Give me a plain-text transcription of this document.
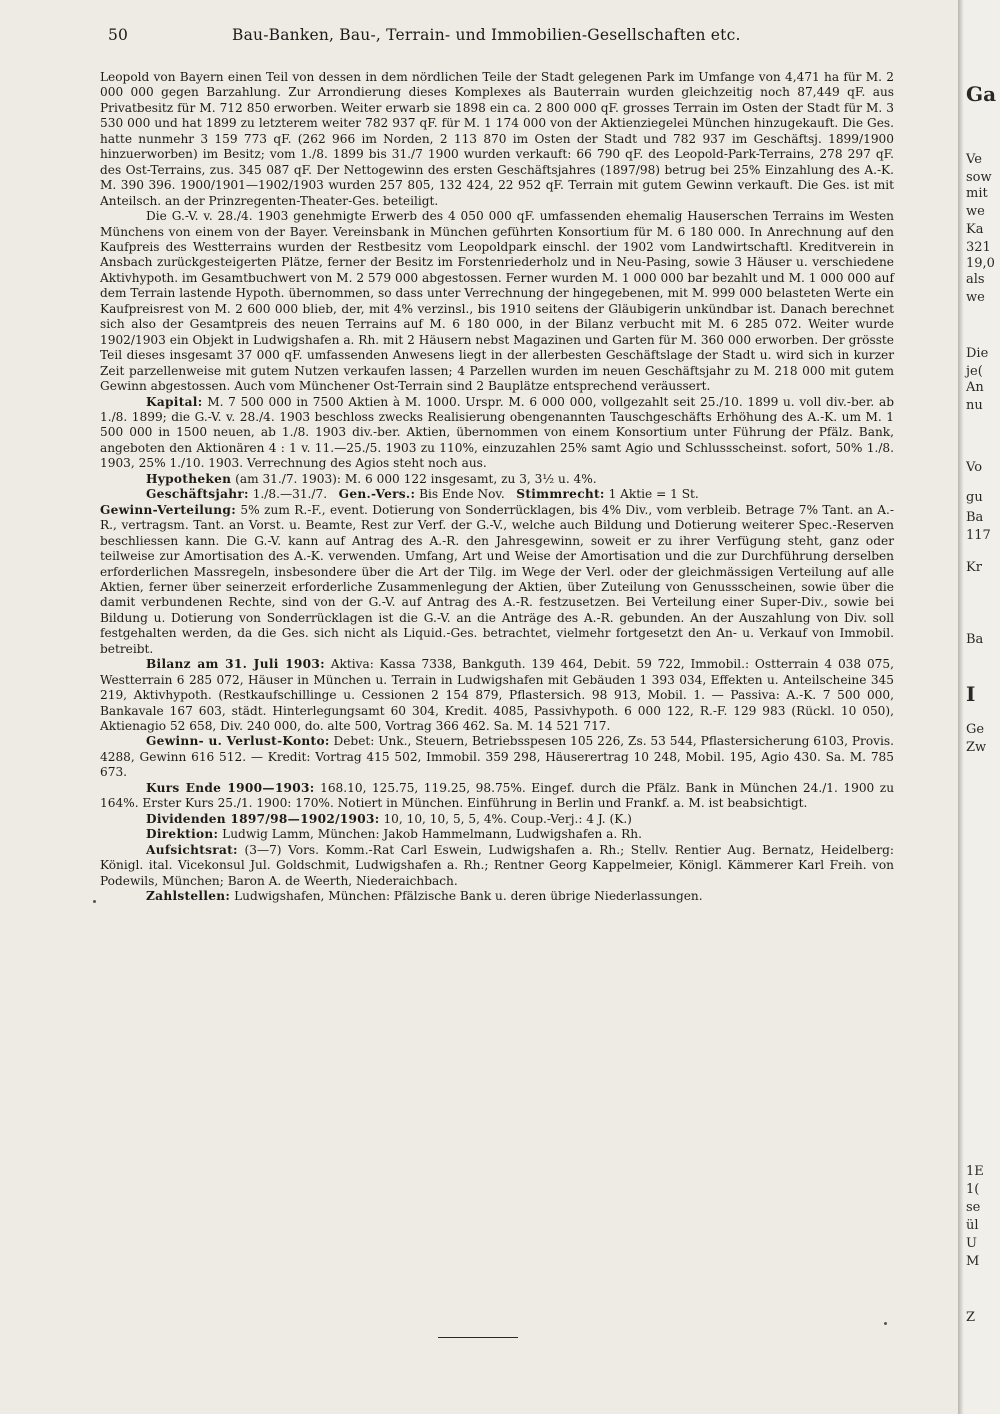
50	Bau-Banken, Bau-, Terrain- und Immobilien-Gesellschaften etc.

Leopold von Bayern einen Teil von dessen in dem nördlichen Teile der Stadt gelegenen Park im Umfange von 4,471 ha für M. 2 000 000 gegen Barzahlung. Zur Arrondierung dieses Komplexes als Bauterrain wurden gleichzeitig noch 87,449 qF. aus Privatbesitz für M. 712 850 erworben. Weiter erwarb sie 1898 ein ca. 2 800 000 qF. grosses Terrain im Osten der Stadt für M. 3 530 000 und hat 1899 zu letzterem weiter 782 937 qF. für M. 1 174 000 von der Aktienziegelei München hinzugekauft. Die Ges. hatte nunmehr 3 159 773 qF. (262 966 im Norden, 2 113 870 im Osten der Stadt und 782 937 im Geschäftsj. 1899/1900 hinzuerworben) im Besitz; vom 1./8. 1899 bis 31./7 1900 wurden verkauft: 66 790 qF. des Leopold-Park-Terrains, 278 297 qF. des Ost-Terrains, zus. 345 087 qF. Der Nettogewinn des ersten Geschäftsjahres (1897/98) betrug bei 25% Einzahlung des A.-K. M. 390 396. 1900/1901—1902/1903 wurden 257 805, 132 424, 22 952 qF. Terrain mit gutem Gewinn verkauft. Die Ges. ist mit Anteilsch. an der Prinzregenten-Theater-Ges. beteiligt.

Die G.-V. v. 28./4. 1903 genehmigte Erwerb des 4 050 000 qF. umfassenden ehemalig Hauserschen Terrains im Westen Münchens von einem von der Bayer. Vereinsbank in München geführten Konsortium für M. 6 180 000. In Anrechnung auf den Kaufpreis des Westterrains wurden der Restbesitz vom Leopoldpark einschl. der 1902 vom Landwirtschaftl. Kreditverein in Ansbach zurückgesteigerten Plätze, ferner der Besitz im Forstenriederholz und in Neu-Pasing, sowie 3 Häuser u. verschiedene Aktivhypoth. im Gesamtbuchwert von M. 2 579 000 abgestossen. Ferner wurden M. 1 000 000 bar bezahlt und M. 1 000 000 auf dem Terrain lastende Hypoth. übernommen, so dass unter Verrechnung der hingegebenen, mit M. 999 000 belasteten Werte ein Kaufpreisrest von M. 2 600 000 blieb, der, mit 4% verzinsl., bis 1910 seitens der Gläubigerin unkündbar ist. Danach berechnet sich also der Gesamtpreis des neuen Terrains auf M. 6 180 000, in der Bilanz verbucht mit M. 6 285 072. Weiter wurde 1902/1903 ein Objekt in Ludwigshafen a. Rh. mit 2 Häusern nebst Magazinen und Garten für M. 360 000 erworben. Der grösste Teil dieses insgesamt 37 000 qF. umfassenden Anwesens liegt in der allerbesten Geschäftslage der Stadt u. wird sich in kurzer Zeit parzellenweise mit gutem Nutzen verkaufen lassen; 4 Parzellen wurden im neuen Geschäftsjahr zu M. 218 000 mit gutem Gewinn abgestossen. Auch vom Münchener Ost-Terrain sind 2 Bauplätze entsprechend veräussert.

Kapital: M. 7 500 000 in 7500 Aktien à M. 1000. Urspr. M. 6 000 000, vollgezahlt seit 25./10. 1899 u. voll div.-ber. ab 1./8. 1899; die G.-V. v. 28./4. 1903 beschloss zwecks Realisierung obengenannten Tauschgeschäfts Erhöhung des A.-K. um M. 1 500 000 in 1500 neuen, ab 1./8. 1903 div.-ber. Aktien, übernommen von einem Konsortium unter Führung der Pfälz. Bank, angeboten den Aktionären 4 : 1 v. 11.—25./5. 1903 zu 110%, einzuzahlen 25% samt Agio und Schlussscheinst. sofort, 50% 1./8. 1903, 25% 1./10. 1903. Verrechnung des Agios steht noch aus.

Hypotheken (am 31./7. 1903): M. 6 000 122 insgesamt, zu 3, 3½ u. 4%.

Geschäftsjahr: 1./8.—31./7. Gen.-Vers.: Bis Ende Nov. Stimmrecht: 1 Aktie = 1 St.

Gewinn-Verteilung: 5% zum R.-F., event. Dotierung von Sonderrücklagen, bis 4% Div., vom verbleib. Betrage 7% Tant. an A.-R., vertragsm. Tant. an Vorst. u. Beamte, Rest zur Verf. der G.-V., welche auch Bildung und Dotierung weiterer Spec.-Reserven beschliessen kann. Die G.-V. kann auf Antrag des A.-R. den Jahresgewinn, soweit er zu ihrer Verfügung steht, ganz oder teilweise zur Amortisation des A.-K. verwenden. Umfang, Art und Weise der Amortisation und die zur Durchführung derselben erforderlichen Massregeln, insbesondere über die Art der Tilg. im Wege der Verl. oder der gleichmässigen Verteilung auf alle Aktien, ferner über seinerzeit erforderliche Zusammenlegung der Aktien, über Zuteilung von Genussscheinen, sowie über die damit verbundenen Rechte, sind von der G.-V. auf Antrag des A.-R. festzusetzen. Bei Verteilung einer Super-Div., sowie bei Bildung u. Dotierung von Sonderrücklagen ist die G.-V. an die Anträge des A.-R. gebunden. An der Auszahlung von Div. soll festgehalten werden, da die Ges. sich nicht als Liquid.-Ges. betrachtet, vielmehr fortgesetzt den An- u. Verkauf von Immobil. betreibt.

Bilanz am 31. Juli 1903: Aktiva: Kassa 7338, Bankguth. 139 464, Debit. 59 722, Immobil.: Ostterrain 4 038 075, Westterrain 6 285 072, Häuser in München u. Terrain in Ludwigshafen mit Gebäuden 1 393 034, Effekten u. Anteilscheine 345 219, Aktivhypoth. (Restkaufschillinge u. Cessionen 2 154 879, Pflastersich. 98 913, Mobil. 1. — Passiva: A.-K. 7 500 000, Bankavale 167 603, städt. Hinterlegungsamt 60 304, Kredit. 4085, Passivhypoth. 6 000 122, R.-F. 129 983 (Rückl. 10 050), Aktienagio 52 658, Div. 240 000, do. alte 500, Vortrag 366 462. Sa. M. 14 521 717.

Gewinn- u. Verlust-Konto: Debet: Unk., Steuern, Betriebsspesen 105 226, Zs. 53 544, Pflastersicherung 6103, Provis. 4288, Gewinn 616 512. — Kredit: Vortrag 415 502, Immobil. 359 298, Häuserertrag 10 248, Mobil. 195, Agio 430. Sa. M. 785 673.

Kurs Ende 1900—1903: 168.10, 125.75, 119.25, 98.75%. Eingef. durch die Pfälz. Bank in München 24./1. 1900 zu 164%. Erster Kurs 25./1. 1900: 170%. Notiert in München. Einführung in Berlin und Frankf. a. M. ist beabsichtigt.

Dividenden 1897/98—1902/1903: 10, 10, 10, 5, 5, 4%. Coup.-Verj.: 4 J. (K.)

Direktion: Ludwig Lamm, München: Jakob Hammelmann, Ludwigshafen a. Rh.

Aufsichtsrat: (3—7) Vors. Komm.-Rat Carl Eswein, Ludwigshafen a. Rh.; Stellv. Rentier Aug. Bernatz, Heidelberg: Königl. ital. Vicekonsul Jul. Goldschmit, Ludwigshafen a. Rh.; Rentner Georg Kappelmeier, Königl. Kämmerer Karl Freih. von Podewils, München; Baron A. de Weerth, Niederaichbach.

Zahlstellen: Ludwigshafen, München: Pfälzische Bank u. deren übrige Niederlassungen.

Ga
Ve
sow
mit
we
Ka
321
19,0
als
we
Die
je(
An
nu
Vo
gu
Ba
117
Kr
Ba
I
Ge
Zw
1E
1(
se
ül
U
M
Z
